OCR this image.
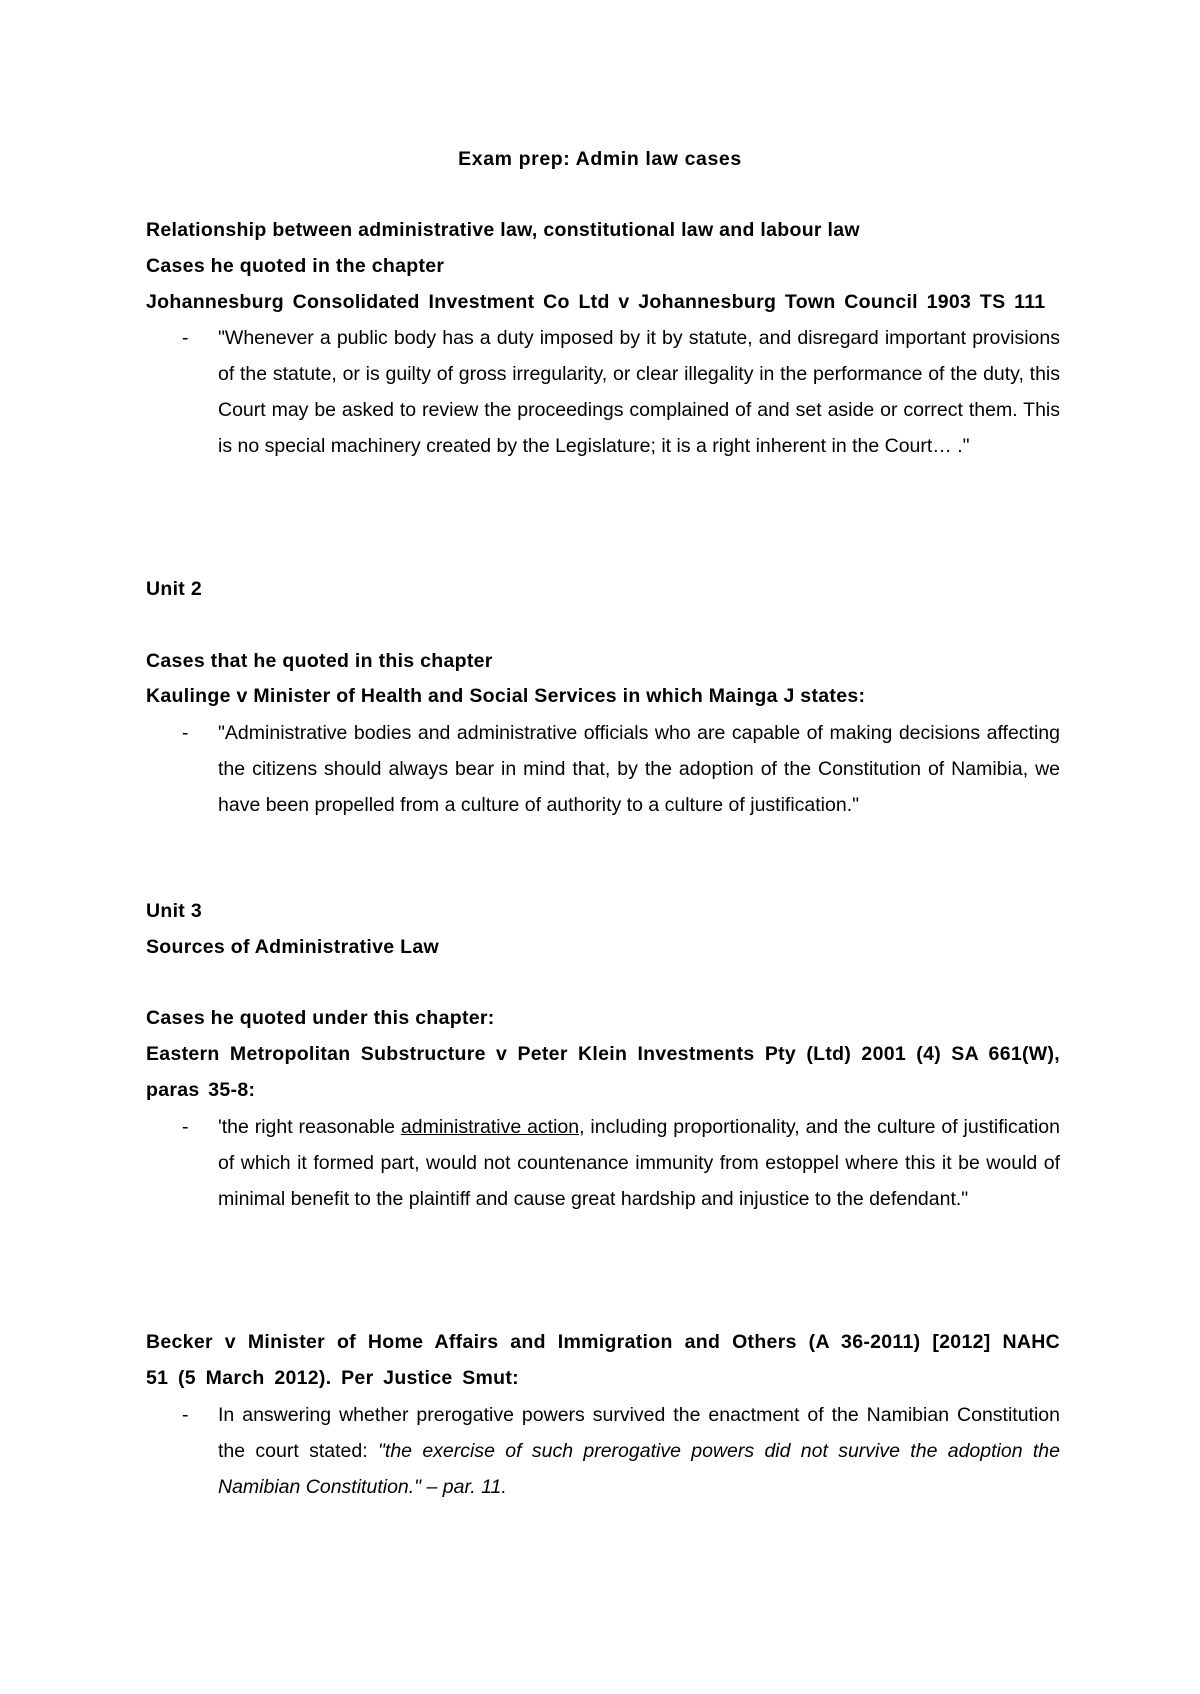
Exam prep: Admin law cases
Relationship between administrative law, constitutional law and labour law
Cases he quoted in the chapter
Johannesburg Consolidated Investment Co Ltd v Johannesburg Town Council 1903 TS 111
- "Whenever a public body has a duty imposed by it by statute, and disregard important provisions of the statute, or is guilty of gross irregularity, or clear illegality in the performance of the duty, this Court may be asked to review the proceedings complained of and set aside or correct them. This is no special machinery created by the Legislature; it is a right inherent in the Court… ."
Unit 2

Cases that he quoted in this chapter
Kaulinge v Minister of Health and Social Services in which Mainga J states:
- "Administrative bodies and administrative officials who are capable of making decisions affecting the citizens should always bear in mind that, by the adoption of the Constitution of Namibia, we have been propelled from a culture of authority to a culture of justification."
Unit 3
Sources of Administrative Law

Cases he quoted under this chapter:
Eastern Metropolitan Substructure v Peter Klein Investments Pty (Ltd) 2001 (4) SA 661(W), paras 35-8:
- 'the right reasonable administrative action, including proportionality, and the culture of justification of which it formed part, would not countenance immunity from estoppel where this it be would of minimal benefit to the plaintiff and cause great hardship and injustice to the defendant."
Becker v Minister of Home Affairs and Immigration and Others (A 36-2011) [2012] NAHC 51 (5 March 2012). Per Justice Smut:
- In answering whether prerogative powers survived the enactment of the Namibian Constitution the court stated: "the exercise of such prerogative powers did not survive the adoption the Namibian Constitution." – par. 11.
